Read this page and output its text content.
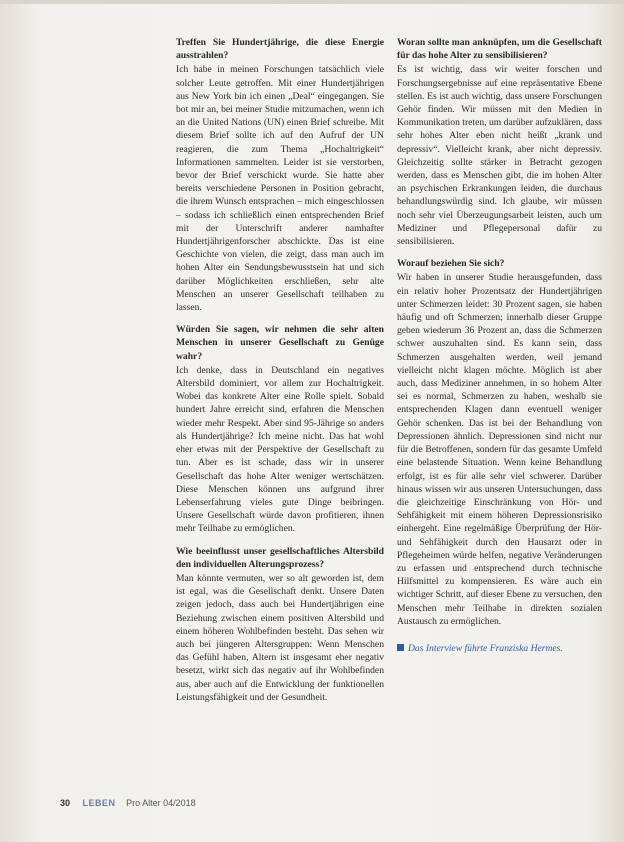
Treffen Sie Hundertjährige, die diese Energie ausstrahlen?
Ich habe in meinen Forschungen tatsächlich viele solcher Leute getroffen. Mit einer Hundertjährigen aus New York bin ich einen „Deal“ eingegangen. Sie bot mir an, bei meiner Studie mitzumachen, wenn ich an die United Nations (UN) einen Brief schreibe. Mit diesem Brief sollte ich auf den Aufruf der UN reagieren, die zum Thema „Hochaltrigkeit“ Informationen sammelten. Leider ist sie verstorben, bevor der Brief verschickt wurde. Sie hatte aber bereits verschiedene Personen in Position gebracht, die ihrem Wunsch entsprachen – mich eingeschlossen – sodass ich schließlich einen entsprechenden Brief mit der Unterschrift anderer namhafter Hundertjährigenforscher abschickte. Das ist eine Geschichte von vielen, die zeigt, dass man auch im hohen Alter ein Sendungsbewusstsein hat und sich darüber Möglichkeiten erschließen, sehr alte Menschen an unserer Gesellschaft teilhaben zu lassen.
Würden Sie sagen, wir nehmen die sehr alten Menschen in unserer Gesellschaft zu Genüge wahr?
Ich denke, dass in Deutschland ein negatives Altersbild dominiert, vor allem zur Hochaltrigkeit. Wobei das konkrete Alter eine Rolle spielt. Sobald hundert Jahre erreicht sind, erfahren die Menschen wieder mehr Respekt. Aber sind 95-Jährige so anders als Hundertjährige? Ich meine nicht. Das hat wohl eher etwas mit der Perspektive der Gesellschaft zu tun. Aber es ist schade, dass wir in unserer Gesellschaft das hohe Alter weniger wertschätzen. Diese Menschen können uns aufgrund ihrer Lebenserfahrung vieles gute Dinge beibringen. Unsere Gesellschaft würde davon profitieren, ihnen mehr Teilhabe zu ermöglichen.
Wie beeinflusst unser gesellschaftliches Altersbild den individuellen Alterungsprozess?
Man könnte vermuten, wer so alt geworden ist, dem ist egal, was die Gesellschaft denkt. Unsere Daten zeigen jedoch, dass auch bei Hundertjährigen eine Beziehung zwischen einem positiven Altersbild und einem höheren Wohlbefinden besteht. Das sehen wir auch bei jüngeren Altersgruppen: Wenn Menschen das Gefühl haben, Altern ist insgesamt eher negativ besetzt, wirkt sich das negativ auf ihr Wohlbefinden aus, aber auch auf die Entwicklung der funktionellen Leistungsfähigkeit und der Gesundheit.
Woran sollte man anknüpfen, um die Gesellschaft für das hohe Alter zu sensibilisieren?
Es ist wichtig, dass wir weiter forschen und Forschungsergebnisse auf eine repräsentative Ebene stellen. Es ist auch wichtig, dass unsere Forschungen Gehör finden. Wir müssen mit den Medien in Kommunikation treten, um darüber aufzuklären, dass sehr hohes Alter eben nicht heißt „krank und depressiv“. Vielleicht krank, aber nicht depressiv. Gleichzeitig sollte stärker in Betracht gezogen werden, dass es Menschen gibt, die im hohen Alter an psychischen Erkrankungen leiden, die durchaus behandlungswürdig sind. Ich glaube, wir müssen noch sehr viel Überzeugungsarbeit leisten, auch um Mediziner und Pflegepersonal dafür zu sensibilisieren.
Worauf beziehen Sie sich?
Wir haben in unserer Studie herausgefunden, dass ein relativ hoher Prozentsatz der Hundertjährigen unter Schmerzen leidet: 30 Prozent sagen, sie haben häufig und oft Schmerzen; innerhalb dieser Gruppe geben wiederum 36 Prozent an, dass die Schmerzen schwer auszuhalten sind. Es kann sein, dass Schmerzen ausgehalten werden, weil jemand vielleicht nicht klagen möchte. Möglich ist aber auch, dass Mediziner annehmen, in so hohem Alter sei es normal, Schmerzen zu haben, weshalb sie entsprechenden Klagen dann eventuell weniger Gehör schenken. Das ist bei der Behandlung von Depressionen ähnlich. Depressionen sind nicht nur für die Betroffenen, sondern für das gesamte Umfeld eine belastende Situation. Wenn keine Behandlung erfolgt, ist es für alle sehr viel schwerer. Darüber hinaus wissen wir aus unseren Untersuchungen, dass die gleichzeitige Einschränkung von Hör- und Sehfähigkeit mit einem höheren Depressionsrisiko einhergeht. Eine regelmäßige Überprüfung der Hör- und Sehfähigkeit durch den Hausarzt oder in Pflegeheimen würde helfen, negative Veränderungen zu erfassen und entsprechend durch technische Hilfsmittel zu kompensieren. Es wäre auch ein wichtiger Schritt, auf dieser Ebene zu versuchen, den Menschen mehr Teilhabe in direkten sozialen Austausch zu ermöglichen.
Das Interview führte Franziska Hermes.
30 LEBEN Pro Alter 04/2018
